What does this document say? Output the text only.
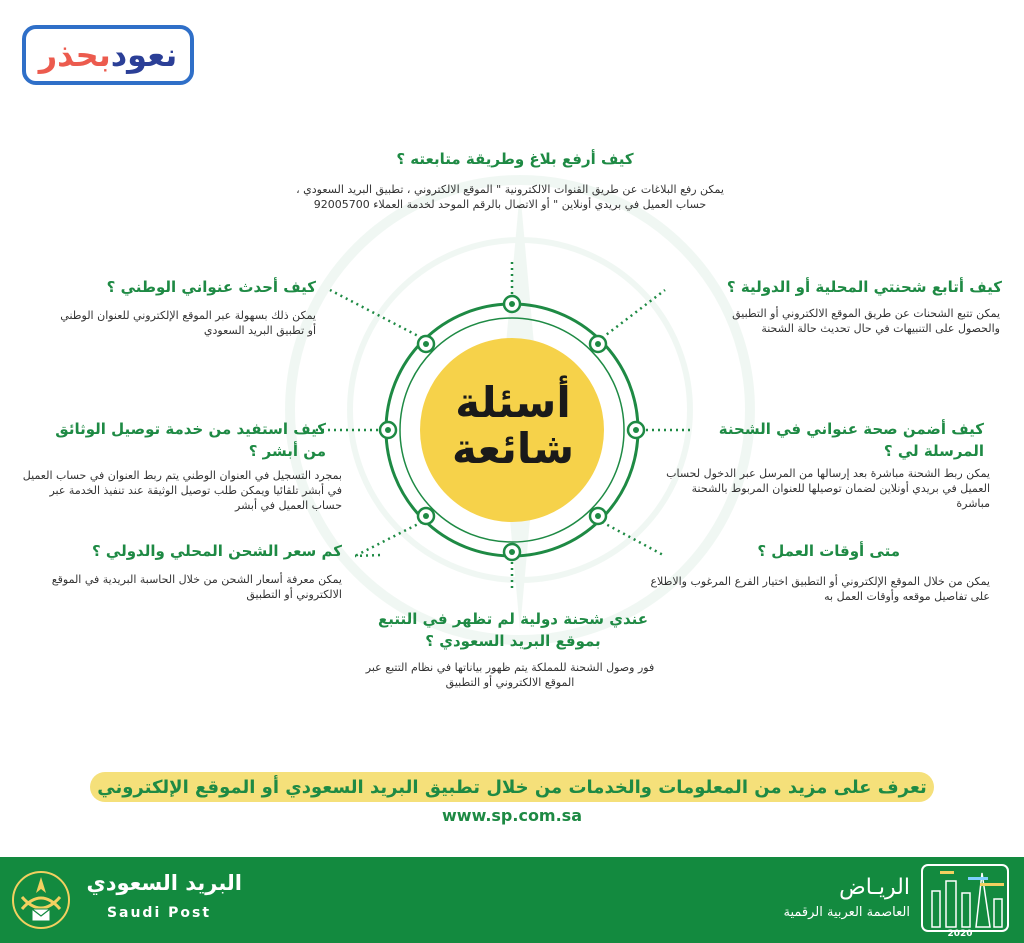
نعودبحذر
أسئلة
شائعة
كيف أرفع بلاغ وطريقة متابعته ؟
يمكن رفع البلاغات عن طريق القنوات الالكترونية " الموقع الالكتروني ، تطبيق البريد السعودي ، حساب العميل في بريدي أونلاين " أو الاتصال بالرقم الموحد لخدمة العملاء 92005700
كيف أتابع شحنتي المحلية أو الدولية ؟
يمكن تتبع الشحنات عن طريق الموقع الالكتروني أو التطبيق والحصول على التنبيهات في حال تحديث حالة الشحنة
كيف أضمن صحة عنواني في الشحنة المرسلة لي ؟
يمكن ربط الشحنة مباشرة بعد إرسالها من المرسل عبر الدخول لحساب العميل في بريدي أونلاين لضمان توصيلها للعنوان المربوط بالشحنة مباشرة
متى أوقات العمل ؟
يمكن من خلال الموقع الإلكتروني أو التطبيق اختيار الفرع المرغوب والاطلاع على تفاصيل موقعه وأوقات العمل به
عندي شحنة دولية لم تظهر في التتبع بموقع البريد السعودي ؟
فور وصول الشحنة للمملكة يتم ظهور بياناتها في نظام التتبع عبر الموقع الالكتروني أو التطبيق
كم سعر الشحن المحلي والدولي ؟
يمكن معرفة أسعار الشحن من خلال الحاسبة البريدية في الموقع الالكتروني أو التطبيق
كيف استفيد من خدمة توصيل الوثائق من أبشر ؟
بمجرد التسجيل في العنوان الوطني يتم ربط العنوان في حساب العميل في أبشر تلقائيا ويمكن طلب توصيل الوثيقة عند تنفيذ الخدمة عبر حساب العميل في أبشر
كيف أحدث عنواني الوطني ؟
يمكن ذلك بسهولة عبر الموقع الإلكتروني للعنوان الوطني أو تطبيق البريد السعودي
تعرف على مزيد من المعلومات والخدمات من خلال تطبيق البريد السعودي أو الموقع الإلكتروني
www.sp.com.sa
البريد السعودي
Saudi Post
الريـاض
العاصمة العربية الرقمية
2020
